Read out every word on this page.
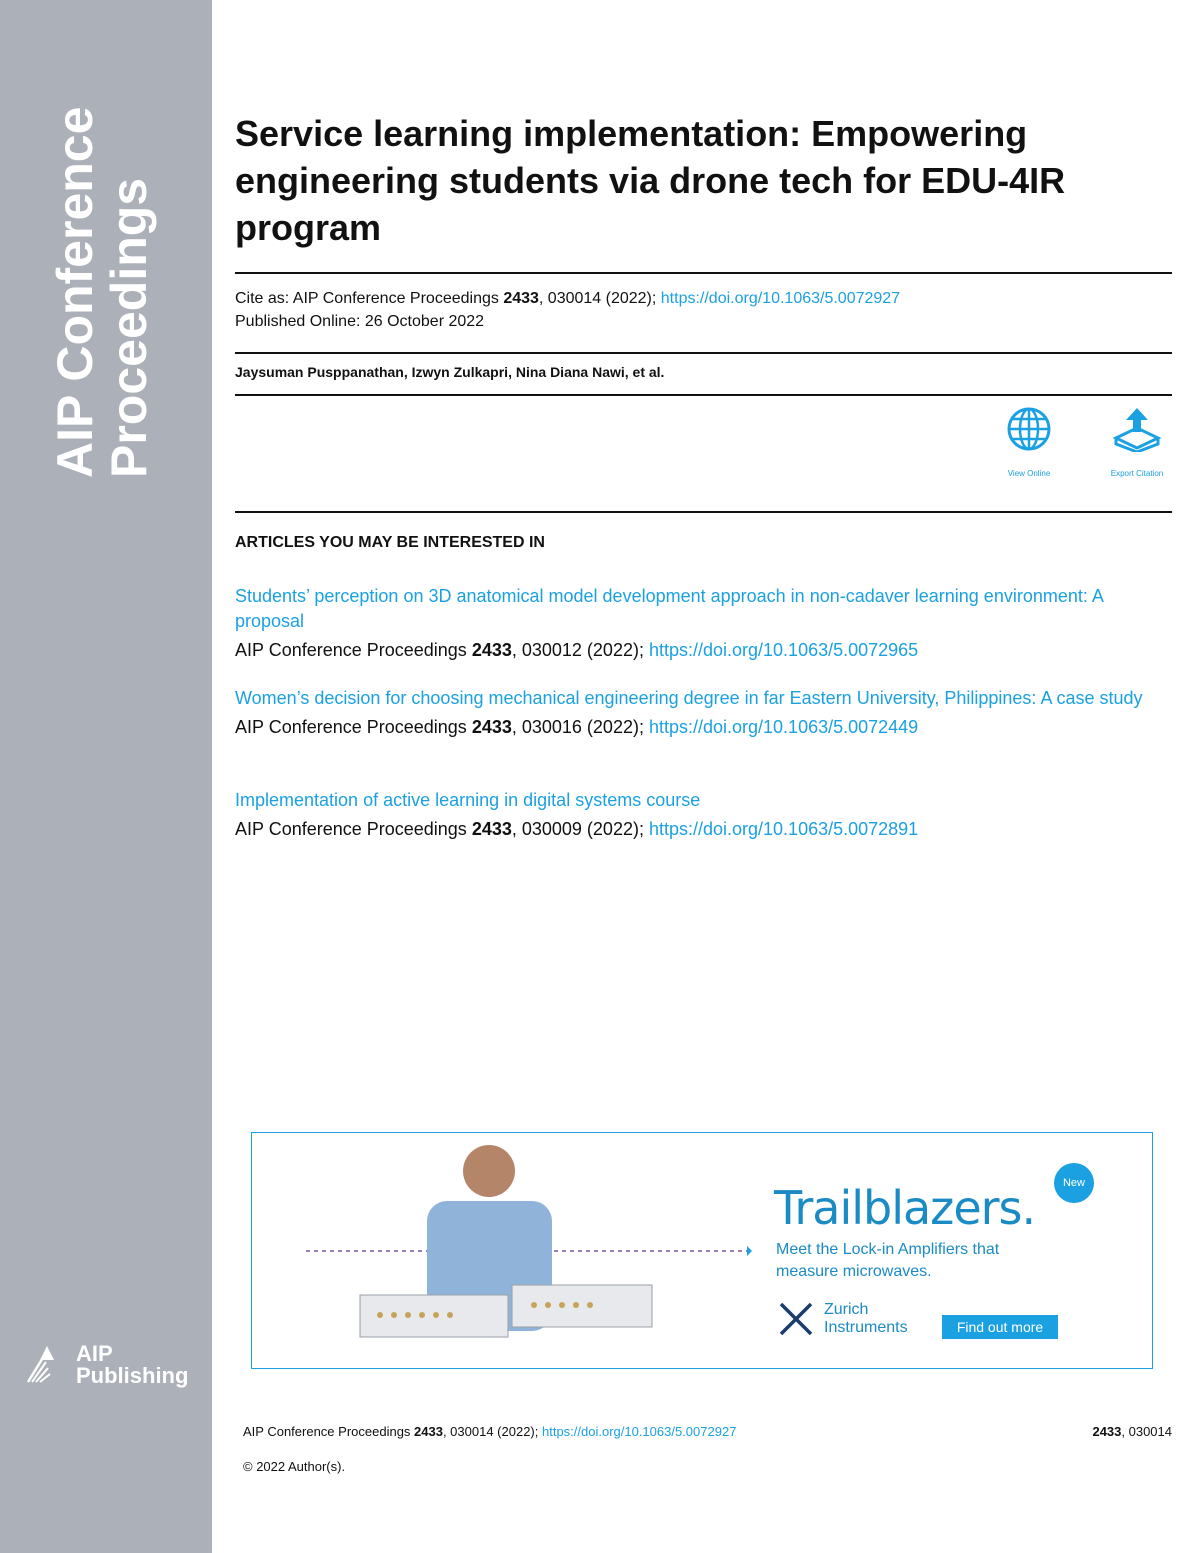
AIP Conference
Proceedings
AIP
Publishing
Service learning implementation: Empowering engineering students via drone tech for EDU-4IR program
Cite as: AIP Conference Proceedings 2433, 030014 (2022); https://doi.org/10.1063/5.0072927
Published Online: 26 October 2022
Jaysuman Pusppanathan, Izwyn Zulkapri, Nina Diana Nawi, et al.
View Online	Export Citation
ARTICLES YOU MAY BE INTERESTED IN
Students’ perception on 3D anatomical model development approach in non-cadaver learning environment: A proposal
AIP Conference Proceedings 2433, 030012 (2022); https://doi.org/10.1063/5.0072965
Women’s decision for choosing mechanical engineering degree in far Eastern University, Philippines: A case study
AIP Conference Proceedings 2433, 030016 (2022); https://doi.org/10.1063/5.0072449
Implementation of active learning in digital systems course
AIP Conference Proceedings 2433, 030009 (2022); https://doi.org/10.1063/5.0072891
New
Trailblazers.
Meet the Lock-in Amplifiers that
measure microwaves.
Zurich
Instruments	Find out more
AIP Conference Proceedings 2433, 030014 (2022); https://doi.org/10.1063/5.0072927	2433, 030014
© 2022 Author(s).
